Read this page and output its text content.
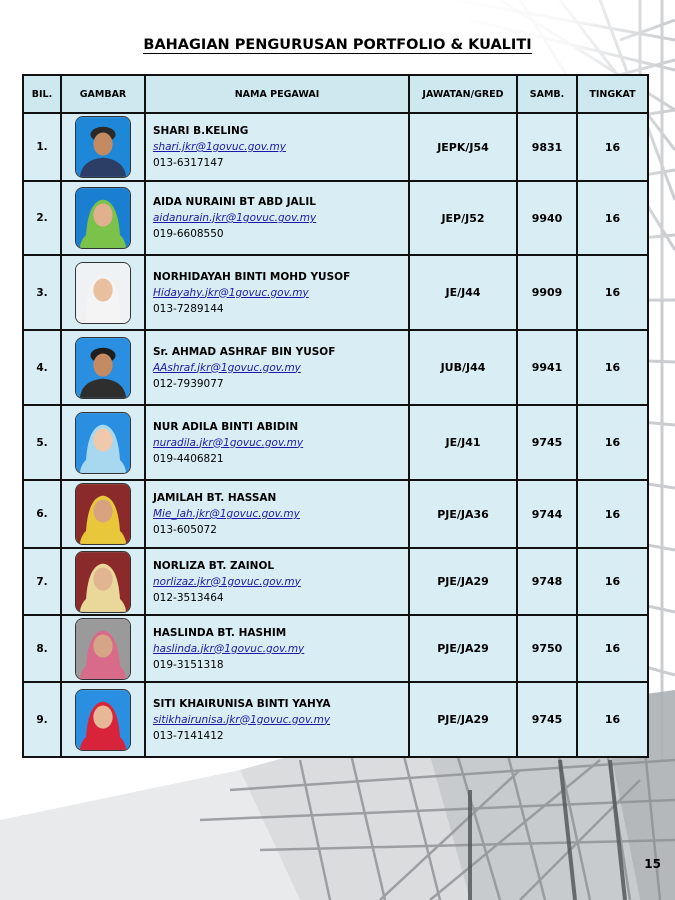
BAHAGIAN PENGURUSAN PORTFOLIO & KUALITI
BIL.	GAMBAR	NAMA PEGAWAI	JAWATAN/GRED	SAMB.	TINGKAT
1.		SHARI B.KELING
shari.jkr@1govuc.gov.my
013-6317147	JEPK/J54	9831	16
2.		AIDA NURAINI BT ABD JALIL
aidanurain.jkr@1govuc.gov.my
019-6608550	JEP/J52	9940	16
3.		NORHIDAYAH BINTI MOHD YUSOF
Hidayahy.jkr@1govuc.gov.my
013-7289144	JE/J44	9909	16
4.		Sr. AHMAD ASHRAF BIN YUSOF
AAshraf.jkr@1govuc.gov.my
012-7939077	JUB/J44	9941	16
5.		NUR ADILA BINTI ABIDIN
nuradila.jkr@1govuc.gov.my
019-4406821	JE/J41	9745	16
6.		JAMILAH BT. HASSAN
Mie_lah.jkr@1govuc.gov.my
013-605072	PJE/JA36	9744	16
7.		NORLIZA BT. ZAINOL
norlizaz.jkr@1govuc.gov.my
012-3513464	PJE/JA29	9748	16
8.		HASLINDA BT. HASHIM
haslinda.jkr@1govuc.gov.my
019-3151318	PJE/JA29	9750	16
9.		SITI KHAIRUNISA BINTI YAHYA
sitikhairunisa.jkr@1govuc.gov.my
013-7141412	PJE/JA29	9745	16
15
